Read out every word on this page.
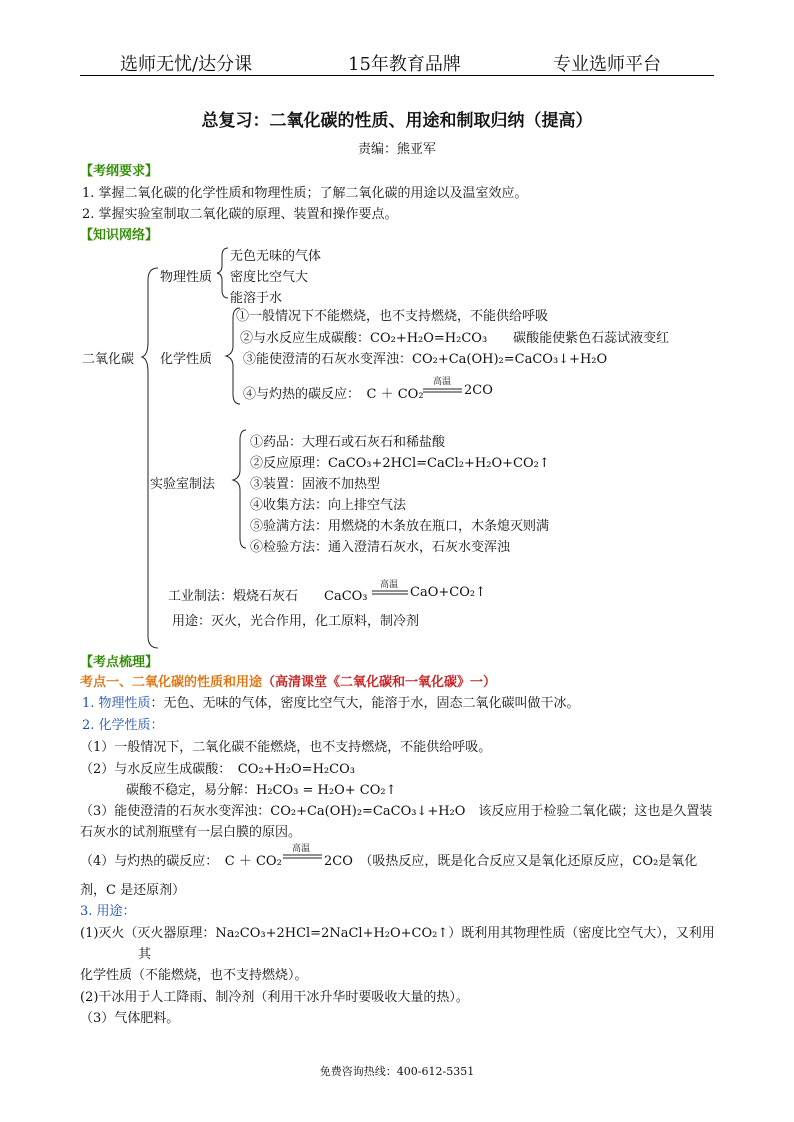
选师无忧/达分课	15年教育品牌	专业选师平台
总复习：二氧化碳的性质、用途和制取归纳（提高）
责编：熊亚军
【考纲要求】
1. 掌握二氧化碳的化学性质和物理性质；了解二氧化碳的用途以及温室效应。
2. 掌握实验室制取二氧化碳的原理、装置和操作要点。
【知识网络】
二氧化碳
物理性质
无色无味的气体
密度比空气大
能溶于水
化学性质
①一般情况下不能燃烧，也不支持燃烧，不能供给呼吸
②与水反应生成碳酸：CO₂+H₂O=H₂CO₃　　碳酸能使紫色石蕊试液变红
③能使澄清的石灰水变浑浊：CO₂+Ca(OH)₂=CaCO₃↓+H₂O
④与灼热的碳反应：　C ＋ CO₂
高温
2CO
实验室制法
①药品：大理石或石灰石和稀盐酸
②反应原理：CaCO₃+2HCl=CaCl₂+H₂O+CO₂↑
③装置：固液不加热型
④收集方法：向上排空气法
⑤验满方法：用燃烧的木条放在瓶口，木条熄灭则满
⑥检验方法：通入澄清石灰水，石灰水变浑浊
工业制法：煅烧石灰石　　CaCO₃
高温 CaO+CO₂↑
用途：灭火，光合作用，化工原料，制冷剂
【考点梳理】
考点一、二氧化碳的性质和用途（高清课堂《二氧化碳和一氧化碳》一）
1. 物理性质：无色、无味的气体，密度比空气大，能溶于水，固态二氧化碳叫做干冰。
2. 化学性质：
（1）一般情况下，二氧化碳不能燃烧，也不支持燃烧，不能供给呼吸。
（2）与水反应生成碳酸：　CO₂+H₂O=H₂CO₃
碳酸不稳定，易分解：H₂CO₃ = H₂O+ CO₂↑
（3）能使澄清的石灰水变浑浊：CO₂+Ca(OH)₂=CaCO₃↓+H₂O　该反应用于检验二氧化碳；这也是久置装
石灰水的试剂瓶壁有一层白膜的原因。
（4）与灼热的碳反应：　C ＋ CO₂
高温
2CO　（吸热反应，既是化合反应又是氧化还原反应，CO₂是氧化
剂，C 是还原剂）
3. 用途：
(1)灭火（灭火器原理：Na₂CO₃+2HCl=2NaCl+H₂O+CO₂↑）既利用其物理性质（密度比空气大），又利用
其
化学性质（不能燃烧，也不支持燃烧）。
(2)干冰用于人工降雨、制冷剂（利用干冰升华时要吸收大量的热）。
（3）气体肥料。
免费咨询热线：400-612-5351
